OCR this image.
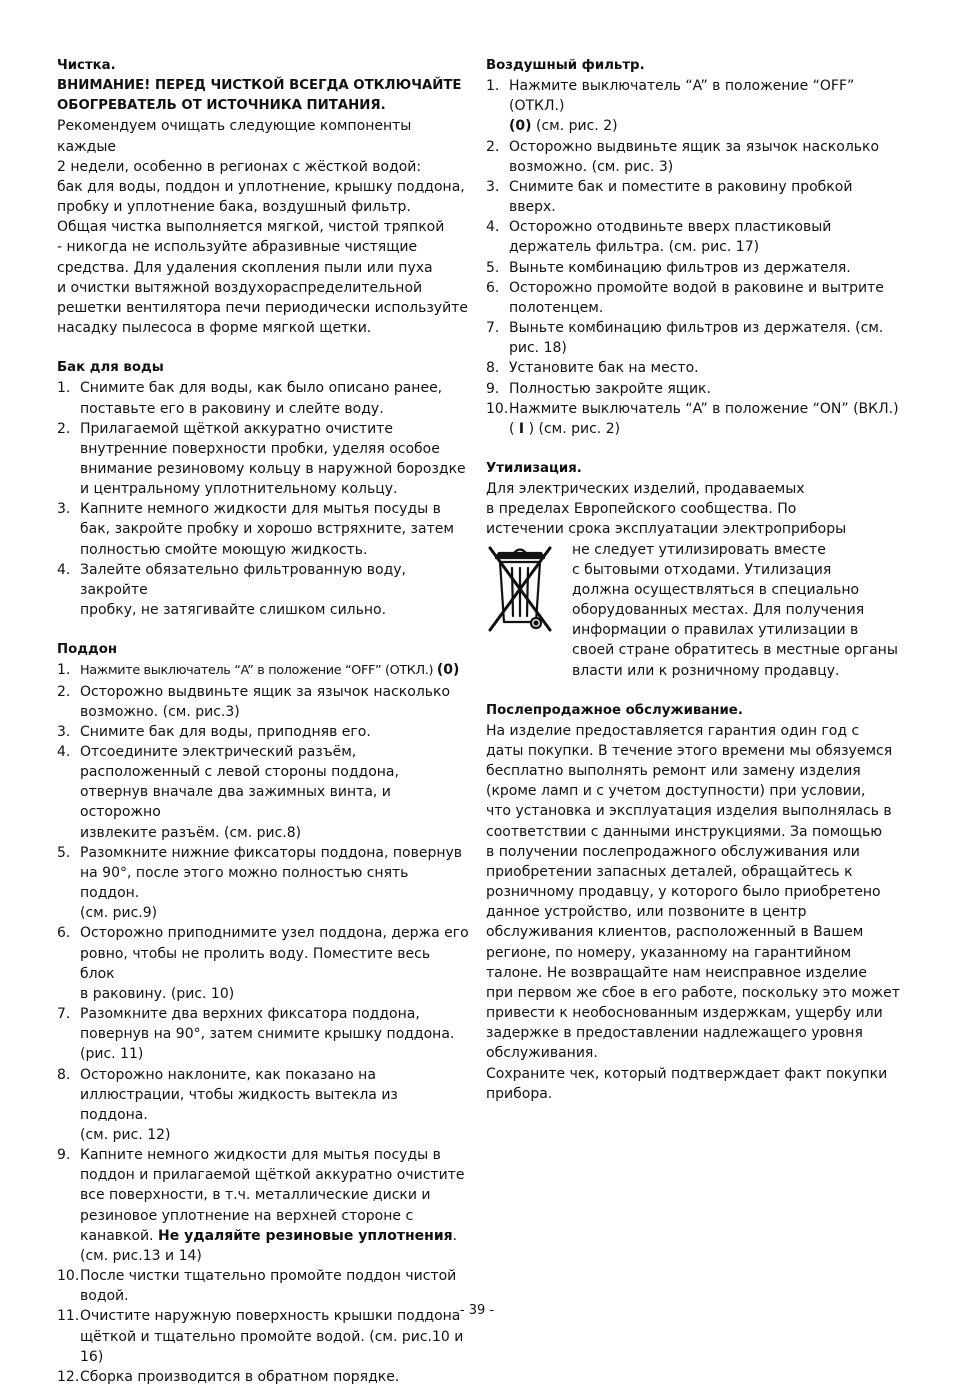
Чистка.
ВНИМАНИЕ! ПЕРЕД ЧИСТКОЙ ВСЕГДА ОТКЛЮЧАЙТЕ
ОБОГРЕВАТЕЛЬ ОТ ИСТОЧНИКА ПИТАНИЯ.
Рекомендуем очищать следующие компоненты каждые
2 недели, особенно в регионах с жёсткой водой:
бак для воды, поддон и уплотнение, крышку поддона,
пробку и уплотнение бака, воздушный фильтр.
Общая чистка выполняется мягкой, чистой тряпкой
- никогда не используйте абразивные чистящие
средства. Для удаления скопления пыли или пуха
и очистки вытяжной воздухораспределительной
решетки вентилятора печи периодически используйте
насадку пылесоса в форме мягкой щетки.
Бак для воды
1. Снимите бак для воды, как было описано ранее,
поставьте его в раковину и слейте воду.
2. Прилагаемой щёткой аккуратно очистите
внутренние поверхности пробки, уделяя особое
внимание резиновому кольцу в наружной бороздке
и центральному уплотнительному кольцу.
3. Капните немного жидкости для мытья посуды в
бак, закройте пробку и хорошо встряхните, затем
полностью смойте моющую жидкость.
4. Залейте обязательно фильтрованную воду, закройте
пробку, не затягивайте слишком сильно.
Поддон
1. Нажмите выключатель “A” в положение “OFF” (ОТКЛ.) (0)
2. Осторожно выдвиньте ящик за язычок насколько
возможно. (см. рис.3)
3. Снимите бак для воды, приподняв его.
4. Отсоедините электрический разъём,
расположенный с левой стороны поддона,
отвернув вначале два зажимных винта, и осторожно
извлеките разъём. (см. рис.8)
5. Разомкните нижние фиксаторы поддона, повернув
на 90°, после этого можно полностью снять поддон.
(см. рис.9)
6. Осторожно приподнимите узел поддона, держа его
ровно, чтобы не пролить воду. Поместите весь блок
в раковину. (рис. 10)
7. Разомкните два верхних фиксатора поддона,
повернув на 90°, затем снимите крышку поддона.
(рис. 11)
8. Осторожно наклоните, как показано на
иллюстрации, чтобы жидкость вытекла из поддона.
(см. рис. 12)
9. Капните немного жидкости для мытья посуды в
поддон и прилагаемой щёткой аккуратно очистите
все поверхности, в т.ч. металлические диски и
резиновое уплотнение на верхней стороне с
канавкой. Не удаляйте резиновые уплотнения.
(см. рис.13 и 14)
10. После чистки тщательно промойте поддон чистой
водой.
11. Очистите наружную поверхность крышки поддона
щёткой и тщательно промойте водой. (см. рис.10 и 16)
12. Сборка производится в обратном порядке.
Воздушный фильтр.
1. Нажмите выключатель “A” в положение “OFF” (ОТКЛ.)
(0) (см. рис. 2)
2. Осторожно выдвиньте ящик за язычок насколько
возможно. (см. рис. 3)
3. Снимите бак и поместите в раковину пробкой вверх.
4. Осторожно отодвиньте вверх пластиковый
держатель фильтра. (см. рис. 17)
5. Выньте комбинацию фильтров из держателя.
6. Осторожно промойте водой в раковине и вытрите
полотенцем.
7. Выньте комбинацию фильтров из держателя. (см.
рис. 18)
8. Установите бак на место.
9. Полностью закройте ящик.
10. Нажмите выключатель “A” в положение “ON” (ВКЛ.)
( I ) (см. рис. 2)
Утилизация.
Для электрических изделий, продаваемых
в пределах Европейского сообщества. По
истечении срока эксплуатации электроприборы
не следует утилизировать вместе
с бытовыми отходами. Утилизация
должна осуществляться в специально
оборудованных местах. Для получения
информации о правилах утилизации в
своей стране обратитесь в местные органы
власти или к розничному продавцу.
Послепродажное обслуживание.
На изделие предоставляется гарантия один год с
даты покупки. В течение этого времени мы обязуемся
бесплатно выполнять ремонт или замену изделия
(кроме ламп и с учетом доступности) при условии,
что установка и эксплуатация изделия выполнялась в
соответствии с данными инструкциями. За помощью
в получении послепродажного обслуживания или
приобретении запасных деталей, обращайтесь к
розничному продавцу, у которого было приобретено
данное устройство, или позвоните в центр
обслуживания клиентов, расположенный в Вашем
регионе, по номеру, указанному на гарантийном
талоне. Не возвращайте нам неисправное изделие
при первом же сбое в его работе, поскольку это может
привести к необоснованным издержкам, ущербу или
задержке в предоставлении надлежащего уровня
обслуживания.
Сохраните чек, который подтверждает факт покупки
прибора.
- 39 -
